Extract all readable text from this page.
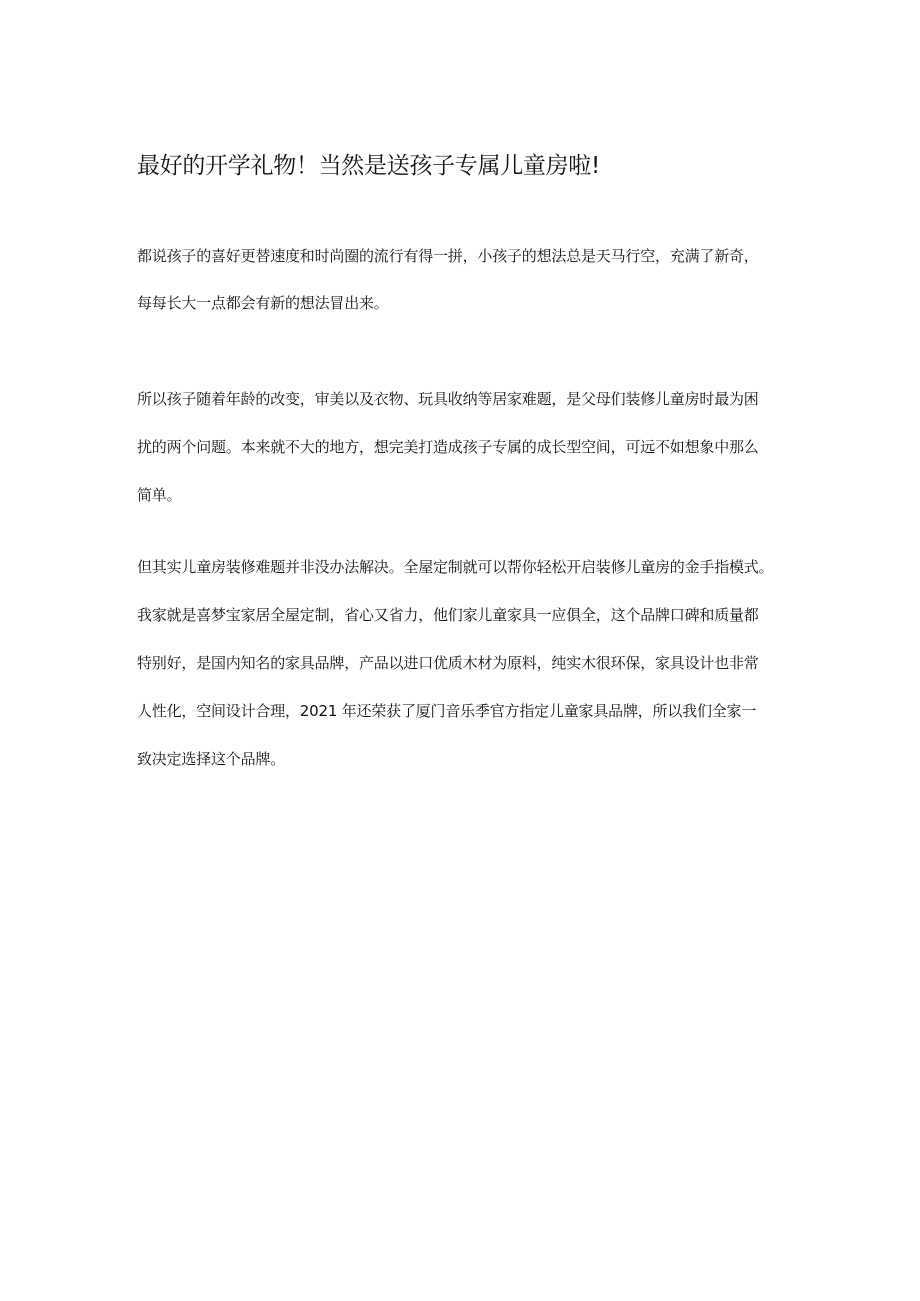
最好的开学礼物！当然是送孩子专属儿童房啦!

都说孩子的喜好更替速度和时尚圈的流行有得一拼，小孩子的想法总是天马行空，充满了新奇，

每每长大一点都会有新的想法冒出来。

所以孩子随着年龄的改变，审美以及衣物、玩具收纳等居家难题，是父母们装修儿童房时最为困

扰的两个问题。本来就不大的地方，想完美打造成孩子专属的成长型空间，可远不如想象中那么

简单。

但其实儿童房装修难题并非没办法解决。全屋定制就可以帮你轻松开启装修儿童房的金手指模式。

我家就是喜梦宝家居全屋定制，省心又省力，他们家儿童家具一应俱全，这个品牌口碑和质量都

特别好，是国内知名的家具品牌，产品以进口优质木材为原料，纯实木很环保，家具设计也非常

人性化，空间设计合理，2021 年还荣获了厦门音乐季官方指定儿童家具品牌，所以我们全家一

致决定选择这个品牌。
